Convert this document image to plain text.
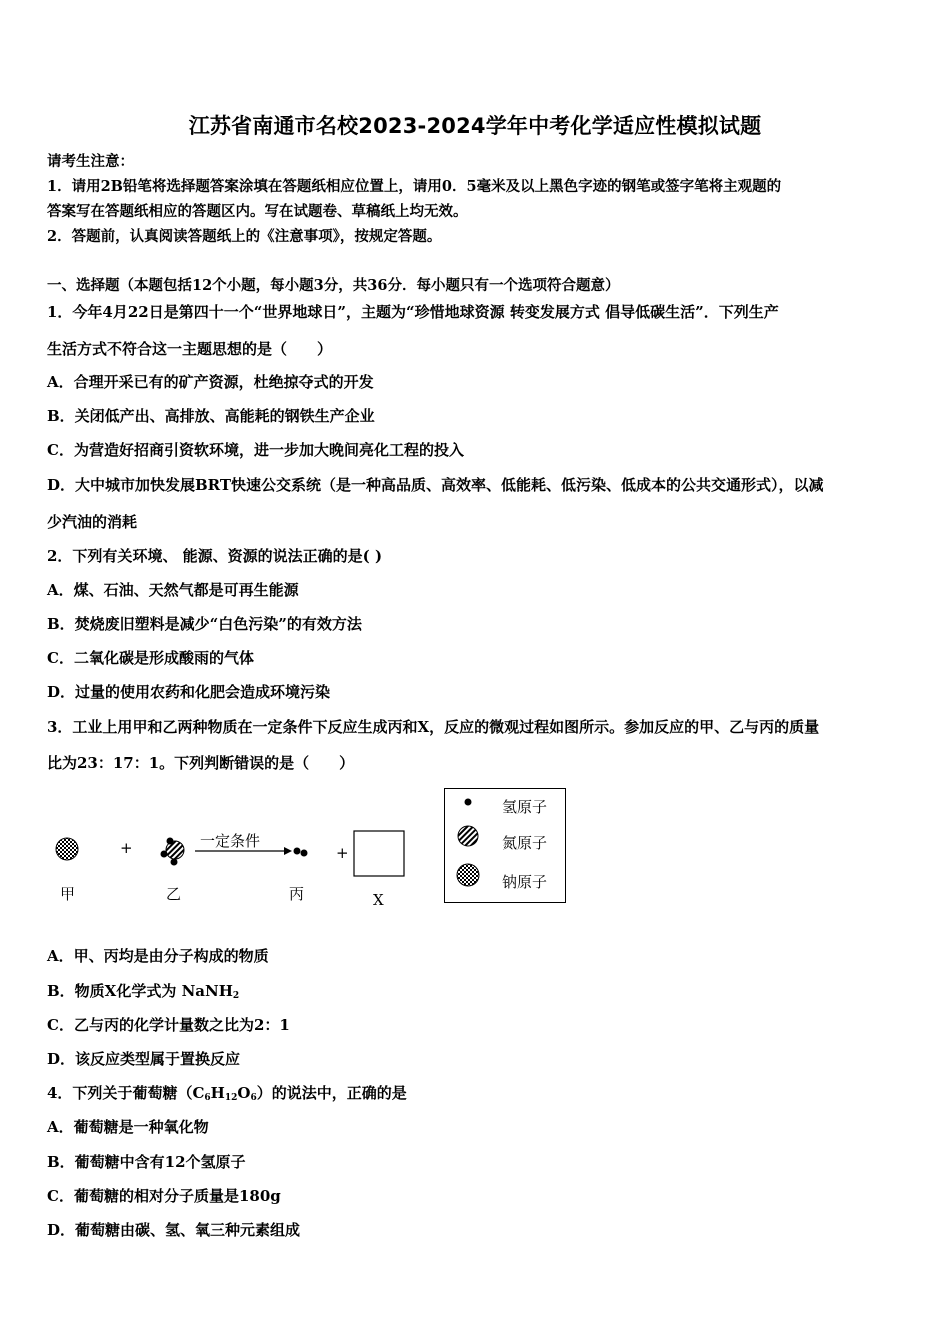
江苏省南通市名校2023-2024学年中考化学适应性模拟试题
请考生注意：
1．请用2B铅笔将选择题答案涂填在答题纸相应位置上，请用0．5毫米及以上黑色字迹的钢笔或签字笔将主观题的
答案写在答题纸相应的答题区内。写在试题卷、草稿纸上均无效。
2．答题前，认真阅读答题纸上的《注意事项》，按规定答题。
一、选择题（本题包括12个小题，每小题3分，共36分．每小题只有一个选项符合题意）
1．今年4月22日是第四十一个“世界地球日”，主题为“珍惜地球资源 转变发展方式 倡导低碳生活”．下列生产
生活方式不符合这一主题思想的是（　　）
A．合理开采已有的矿产资源，杜绝掠夺式的开发
B．关闭低产出、高排放、高能耗的钢铁生产企业
C．为营造好招商引资软环境，进一步加大晚间亮化工程的投入
D．大中城市加快发展BRT快速公交系统（是一种高品质、高效率、低能耗、低污染、低成本的公共交通形式），以减
少汽油的消耗
2．下列有关环境、 能源、资源的说法正确的是( )
A．煤、石油、天然气都是可再生能源
B．焚烧废旧塑料是减少“白色污染”的有效方法
C．二氧化碳是形成酸雨的气体
D．过量的使用农药和化肥会造成环境污染
3．工业上用甲和乙两种物质在一定条件下反应生成丙和X，反应的微观过程如图所示。参加反应的甲、乙与丙的质量
比为23：17：1。下列判断错误的是（　　）
+	一定条件
+
甲	乙	丙	X
氢原子
氮原子
钠原子
A．甲、丙均是由分子构成的物质
B．物质X化学式为 NaNH$_2$
C．乙与丙的化学计量数之比为2：1
D．该反应类型属于置换反应
4．下列关于葡萄糖$(C_6H_{12}O_6)$的说法中，正确的是
A．葡萄糖是一种氧化物
B．葡萄糖中含有12个氢原子
C．葡萄糖的相对分子质量是180g
D．葡萄糖由碳、氢、氧三种元素组成
